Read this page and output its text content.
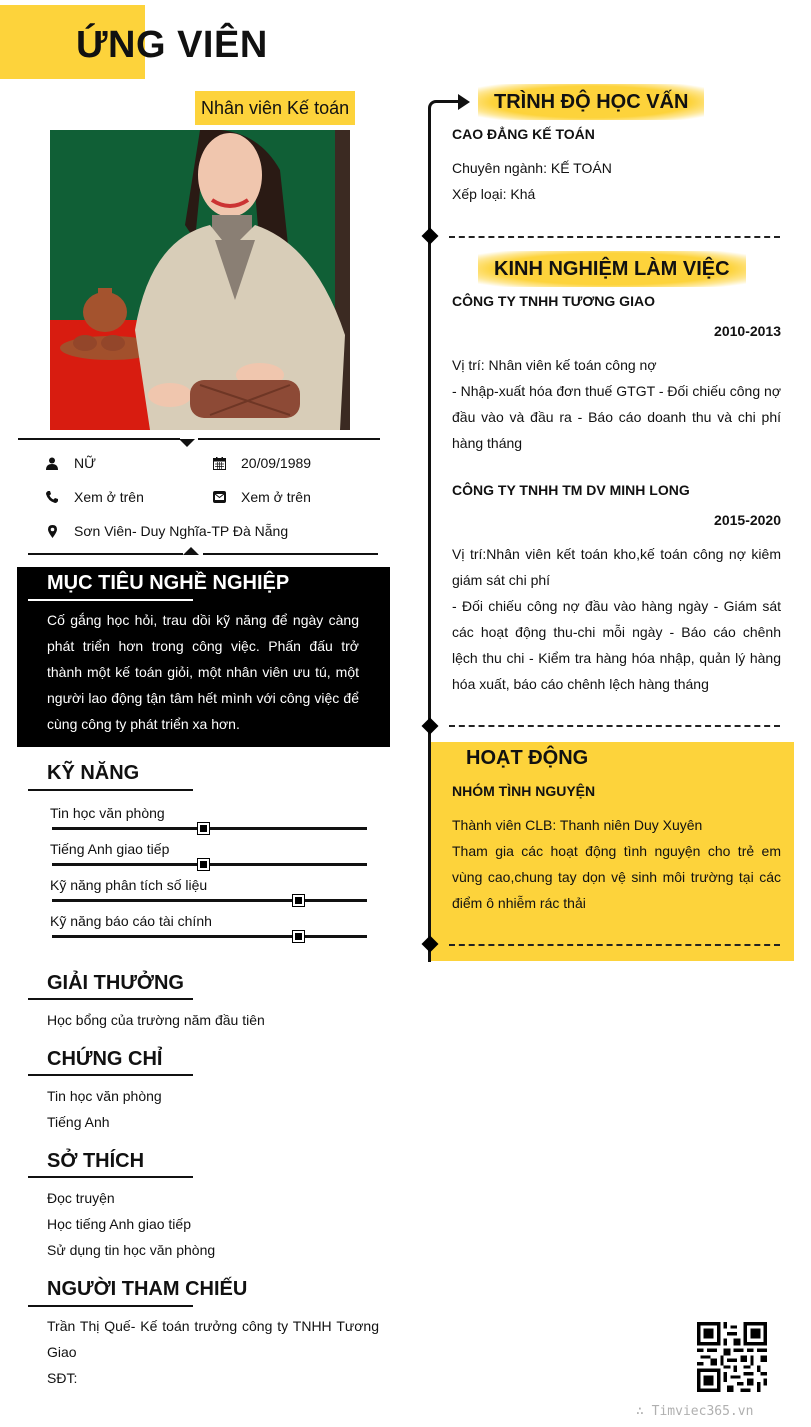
ỨNG VIÊN
Nhân viên Kế toán
NỮ	20/09/1989
Xem ở trên	Xem ở trên
Sơn Viên- Duy Nghĩa-TP Đà Nẵng
MỤC TIÊU NGHỀ NGHIỆP
Cố gắng học hỏi, trau dồi kỹ năng để ngày càng phát triển hơn trong công việc. Phấn đấu trở thành một kế toán giỏi, một nhân viên ưu tú, một người lao động tận tâm hết mình với công việc để cùng công ty phát triển xa hơn.
KỸ NĂNG
Tin học văn phòng
Tiếng Anh giao tiếp
Kỹ năng phân tích số liệu
Kỹ năng báo cáo tài chính
GIẢI THƯỞNG
Học bổng của trường năm đầu tiên
CHỨNG CHỈ
Tin học văn phòng
Tiếng Anh
SỞ THÍCH
Đọc truyện
Học tiếng Anh giao tiếp
Sử dụng tin học văn phòng
NGƯỜI THAM CHIẾU
Trần Thị Quế- Kế toán trưởng công ty TNHH Tương Giao
SĐT:
TRÌNH ĐỘ HỌC VẤN
CAO ĐẲNG KẾ TOÁN
Chuyên ngành: KẾ TOÁN
Xếp loại: Khá
KINH NGHIỆM LÀM VIỆC
CÔNG TY TNHH TƯƠNG GIAO
2010-2013
Vị trí: Nhân viên kế toán công nợ
- Nhập-xuất hóa đơn thuế GTGT - Đối chiếu công nợ đầu vào và đầu ra - Báo cáo doanh thu và chi phí hàng tháng
CÔNG TY TNHH TM DV MINH LONG
2015-2020
Vị trí:Nhân viên kết toán kho,kế toán công nợ kiêm giám sát chi phí
- Đối chiếu công nợ đầu vào hàng ngày - Giám sát các hoạt động thu-chi mỗi ngày - Báo cáo chênh lệch thu chi - Kiểm tra hàng hóa nhập, quản lý hàng hóa xuất, báo cáo chênh lệch hàng tháng
HOẠT ĐỘNG
NHÓM TÌNH NGUYỆN
Thành viên CLB: Thanh niên Duy Xuyên
Tham gia các hoạt động tình nguyện cho trẻ em vùng cao,chung tay dọn vệ sinh môi trường tại các điểm ô nhiễm rác thải
∴ Timviec365.vn
